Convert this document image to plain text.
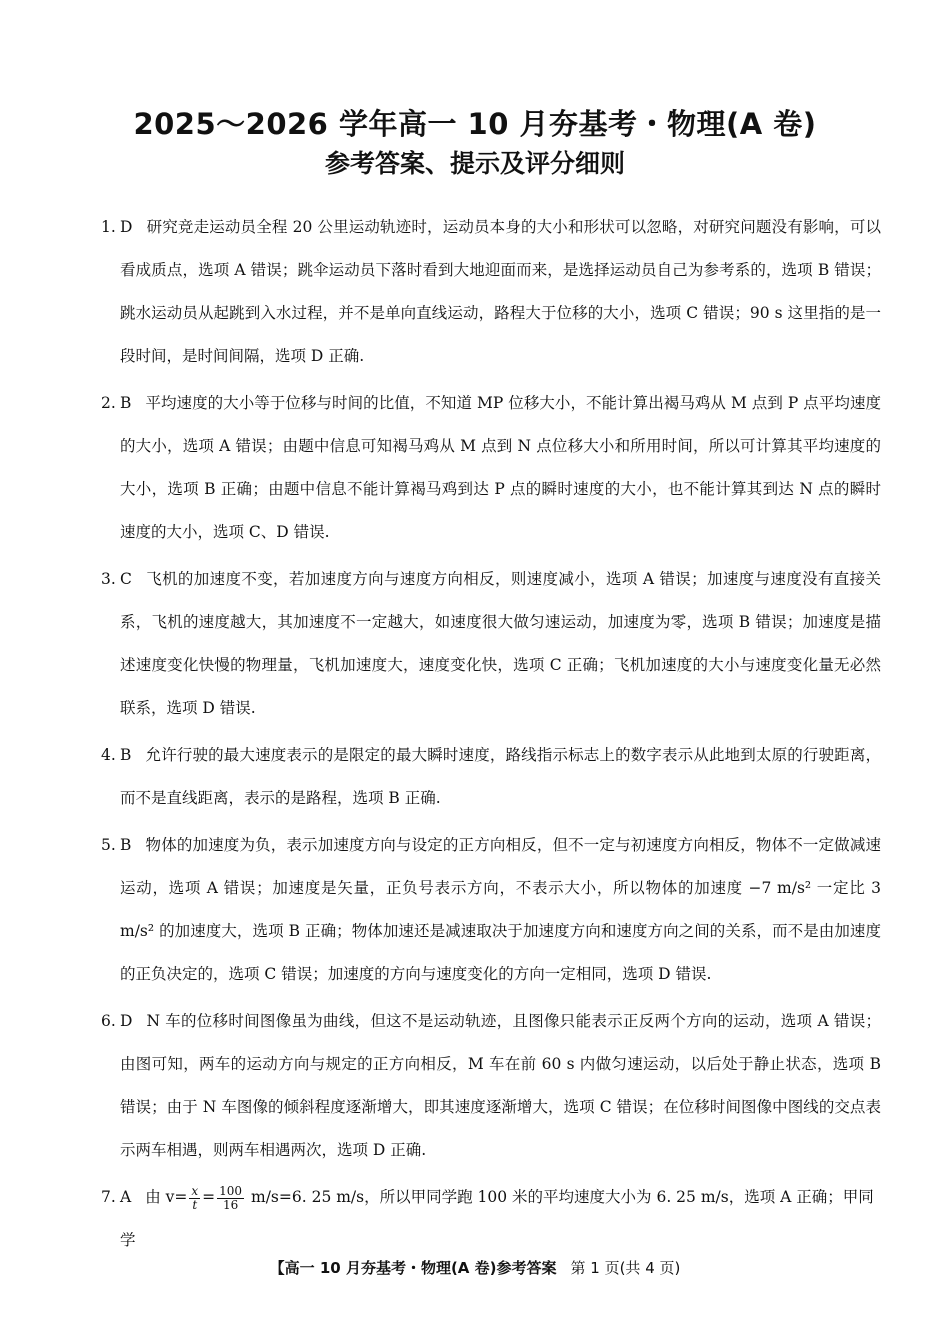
2025～2026 学年高一 10 月夯基考・物理(A 卷)
参考答案、提示及评分细则
1. D 研究竞走运动员全程 20 公里运动轨迹时，运动员本身的大小和形状可以忽略，对研究问题没有影响，可以看成质点，选项 A 错误；跳伞运动员下落时看到大地迎面而来，是选择运动员自己为参考系的，选项 B 错误；跳水运动员从起跳到入水过程，并不是单向直线运动，路程大于位移的大小，选项 C 错误；90 s 这里指的是一段时间，是时间间隔，选项 D 正确.
2. B 平均速度的大小等于位移与时间的比值，不知道 MP 位移大小，不能计算出褐马鸡从 M 点到 P 点平均速度的大小，选项 A 错误；由题中信息可知褐马鸡从 M 点到 N 点位移大小和所用时间，所以可计算其平均速度的大小，选项 B 正确；由题中信息不能计算褐马鸡到达 P 点的瞬时速度的大小，也不能计算其到达 N 点的瞬时速度的大小，选项 C、D 错误.
3. C 飞机的加速度不变，若加速度方向与速度方向相反，则速度减小，选项 A 错误；加速度与速度没有直接关系，飞机的速度越大，其加速度不一定越大，如速度很大做匀速运动，加速度为零，选项 B 错误；加速度是描述速度变化快慢的物理量，飞机加速度大，速度变化快，选项 C 正确；飞机加速度的大小与速度变化量无必然联系，选项 D 错误.
4. B 允许行驶的最大速度表示的是限定的最大瞬时速度，路线指示标志上的数字表示从此地到太原的行驶距离，而不是直线距离，表示的是路程，选项 B 正确.
5. B 物体的加速度为负，表示加速度方向与设定的正方向相反，但不一定与初速度方向相反，物体不一定做减速运动，选项 A 错误；加速度是矢量，正负号表示方向，不表示大小，所以物体的加速度 −7 m/s² 一定比 3 m/s² 的加速度大，选项 B 正确；物体加速还是减速取决于加速度方向和速度方向之间的关系，而不是由加速度的正负决定的，选项 C 错误；加速度的方向与速度变化的方向一定相同，选项 D 错误.
6. D N 车的位移时间图像虽为曲线，但这不是运动轨迹，且图像只能表示正反两个方向的运动，选项 A 错误；由图可知，两车的运动方向与规定的正方向相反，M 车在前 60 s 内做匀速运动，以后处于静止状态，选项 B 错误；由于 N 车图像的倾斜程度逐渐增大，即其速度逐渐增大，选项 C 错误；在位移时间图像中图线的交点表示两车相遇，则两车相遇两次，选项 D 正确.
7. A 由 $v= \frac{x}{t} = \frac{100}{16} m/s=6$. 25 m/s，所以甲同学跑 100 米的平均速度大小为 6. 25 m/s，选项 A 正确；甲同学
【高一 10 月夯基考・物理(A 卷)参考答案 第 1 页(共 4 页)
